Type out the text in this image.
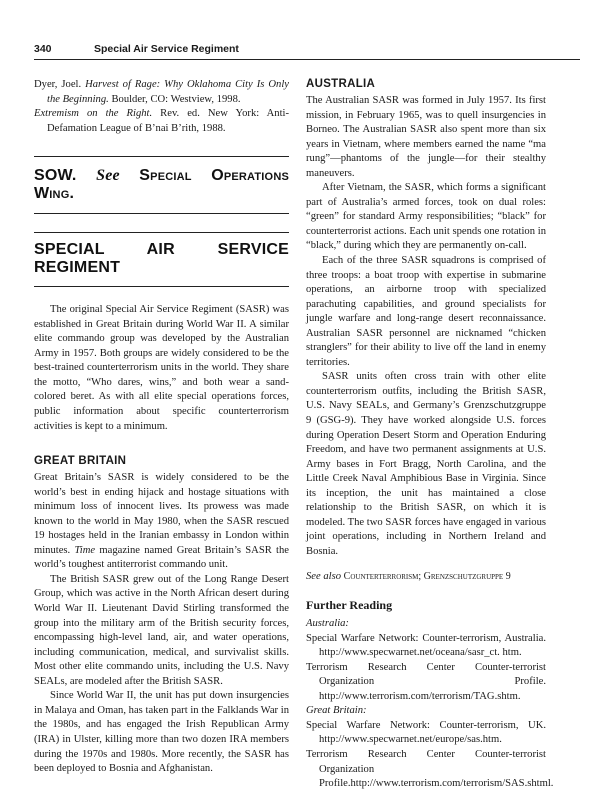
340	Special Air Service Regiment

Dyer, Joel. Harvest of Rage: Why Oklahoma City Is Only the Beginning. Boulder, CO: Westview, 1998.

Extremism on the Right. Rev. ed. New York: Anti-Defamation League of B’nai B’rith, 1988.

SOW. See Special Operations Wing.

SPECIAL AIR SERVICE REGIMENT

The original Special Air Service Regiment (SASR) was established in Great Britain during World War II. A similar elite commando group was developed by the Australian Army in 1957. Both groups are widely considered to be the best-trained counterterrorism units in the world. They share the motto, “Who dares, wins,” and both wear a sand-colored beret. As with all elite special operations forces, public information about specific counterterrorism activities is kept to a minimum.

GREAT BRITAIN

Great Britain’s SASR is widely considered to be the world’s best in ending hijack and hostage situations with minimum loss of innocent lives. Its prowess was made known to the world in May 1980, when the SASR rescued 19 hostages held in the Iranian embassy in London within minutes. Time magazine named Great Britain’s SASR the world’s toughest antiterrorist commando unit.

The British SASR grew out of the Long Range Desert Group, which was active in the North African desert during World War II. Lieutenant David Stirling transformed the group into the military arm of the British security forces, encompassing high-level land, air, and water operations, including communication, medical, and survivalist skills. Most other elite commando units, including the U.S. Navy SEALs, are modeled after the British SASR.

Since World War II, the unit has put down insurgencies in Malaya and Oman, has taken part in the Falklands War in the 1980s, and has engaged the Irish Republican Army (IRA) in Ulster, killing more than two dozen IRA members during the 1970s and 1980s. More recently, the SASR has been deployed to Bosnia and Afghanistan.

AUSTRALIA

The Australian SASR was formed in July 1957. Its first mission, in February 1965, was to quell insurgencies in Borneo. The Australian SASR also spent more than six years in Vietnam, where members earned the name “ma rung”—phantoms of the jungle—for their stealthy maneuvers.

After Vietnam, the SASR, which forms a significant part of Australia’s armed forces, took on dual roles: “green” for standard Army responsibilities; “black” for counterterrorist actions. Each unit spends one rotation in “black,” during which they are permanently on-call.

Each of the three SASR squadrons is comprised of three troops: a boat troop with expertise in submarine operations, an airborne troop with specialized parachuting capabilities, and ground specialists for jungle warfare and long-range desert reconnaissance. Australian SASR personnel are nicknamed “chicken stranglers” for their ability to live off the land in enemy territories.

SASR units often cross train with other elite counterterrorism outfits, including the British SASR, U.S. Navy SEALs, and Germany’s Grenzschutzgruppe 9 (GSG-9). They have worked alongside U.S. forces during Operation Desert Storm and Operation Enduring Freedom, and have two permanent assignments at U.S. Army bases in Fort Bragg, North Carolina, and the Little Creek Naval Amphibious Base in Virginia. Since its inception, the unit has maintained a close relationship to the British SASR, on which it is modeled. The two SASR forces have engaged in various joint operations, including in Northern Ireland and Bosnia.

See also Counterterrorism; Grenzschutzgruppe 9

Further Reading

Australia:

Special Warfare Network: Counter-terrorism, Australia. http://www.specwarnet.net/oceana/sasr_ct. htm.

Terrorism Research Center Counter-terrorist Organization Profile. http://www.terrorism.com/terrorism/TAG.shtm.

Great Britain:

Special Warfare Network: Counter-terrorism, UK. http://www.specwarnet.net/europe/sas.htm.

Terrorism Research Center Counter-terrorist Organization Profile.http://www.terrorism.com/terrorism/SAS.shtml.
